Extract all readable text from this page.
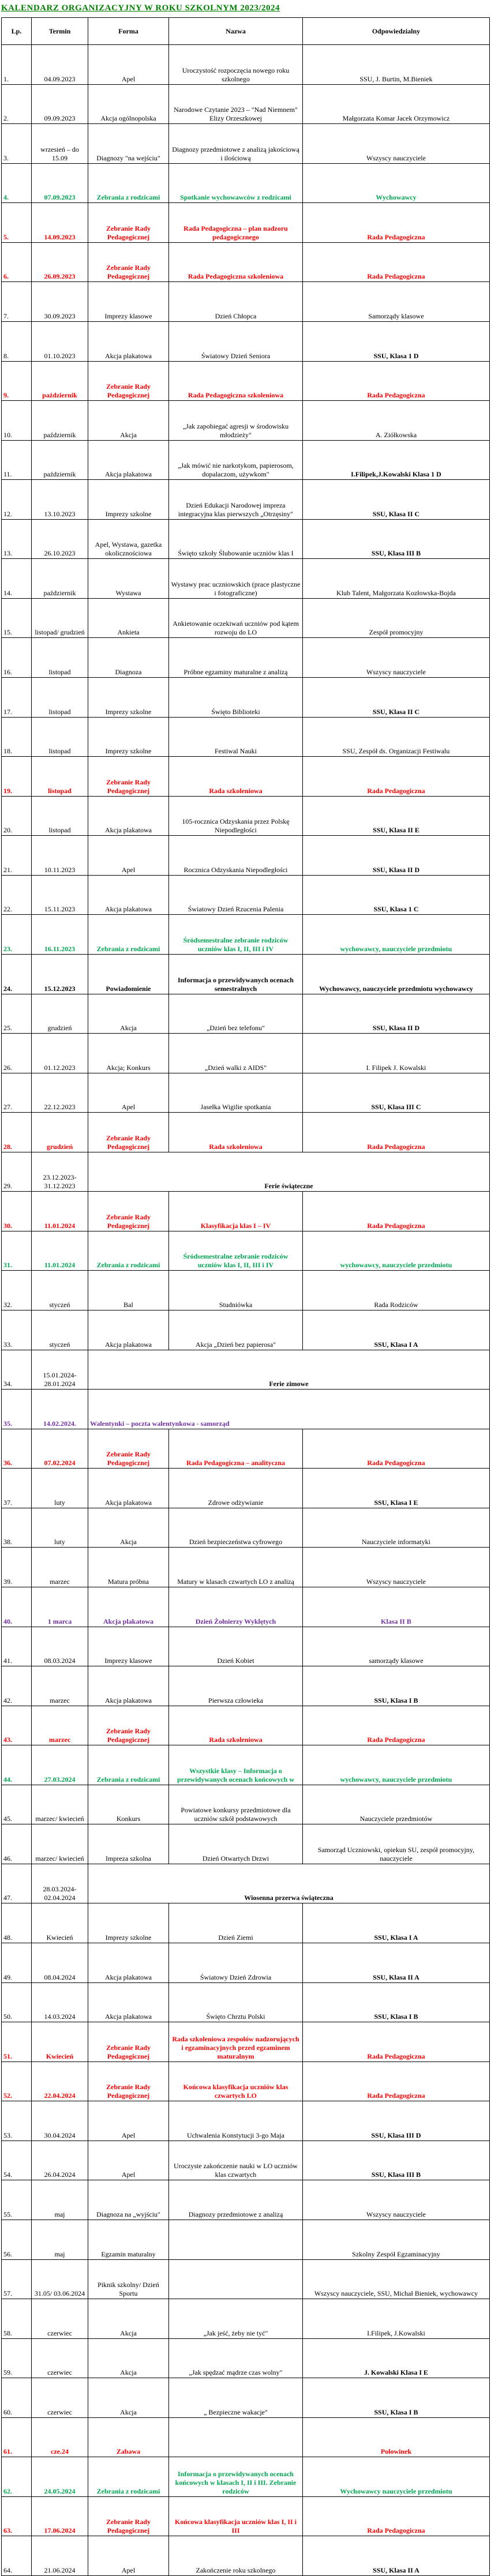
KALENDARZ ORGANIZACYJNY W ROKU SZKOLNYM 2023/2024
Lp.	Termin	Forma	Nazwa	Odpowiedzialny
1.	04.09.2023	Apel	Uroczystość rozpoczęcia nowego roku szkolnego	SSU, J. Burtin, M.Bieniek
2.	09.09.2023	Akcja ogólnopolska	Narodowe Czytanie 2023 – "Nad Niemnem" Elizy Orzeszkowej	Małgorzata Komar Jacek Orzymowicz
3.	wrzesień – do 15.09	Diagnozy "na wejściu"	Diagnozy przedmiotowe z analizą jakościową i ilościową	Wszyscy nauczyciele
4.	07.09.2023	Zebrania z rodzicami	Spotkanie wychowawców z rodzicami	Wychowawcy
5.	14.09.2023	Zebranie Rady Pedagogicznej	Rada Pedagogiczna – plan nadzoru pedagogicznego	Rada Pedagogiczna
6.	26.09.2023	Zebranie Rady Pedagogicznej	Rada Pedagogiczna szkoleniowa	Rada Pedagogiczna
7.	30.09.2023	Imprezy klasowe	Dzień Chłopca	Samorządy klasowe
8.	01.10.2023	Akcja plakatowa	Światowy Dzień Seniora	SSU, Klasa 1 D
9.	październik	Zebranie Rady Pedagogicznej	Rada Pedagogiczna szkoleniowa	Rada Pedagogiczna
10.	październik	Akcja	„Jak zapobiegać agresji w środowisku młodzieży"	A. Ziółkowska
11.	październik	Akcja plakatowa	„Jak mówić nie narkotykom, papierosom, dopalaczom, używkom"	I.Filipek,J.Kowalski Klasa 1 D
12.	13.10.2023	Imprezy szkolne	Dzień Edukacji Narodowej impreza integracyjna klas pierwszych „Otrzęsiny"	SSU, Klasa II C
13.	26.10.2023	Apel, Wystawa, gazetka okolicznościowa	Święto szkoły Ślubowanie uczniów klas I	SSU, Klasa III B
14.	październik	Wystawa	Wystawy prac uczniowskich (prace plastyczne i fotograficzne)	Klub Talent, Małgorzata Kozłowska-Bojda
15.	listopad/ grudzień	Ankieta	Ankietowanie oczekiwań uczniów pod kątem rozwoju do LO	Zespół promocyjny
16.	listopad	Diagnoza	Próbne egzaminy maturalne z analizą	Wszyscy nauczyciele
17.	listopad	Imprezy szkolne	Święto Biblioteki	SSU, Klasa II C
18.	listopad	Imprezy szkolne	Festiwal Nauki	SSU, Zespół ds. Organizacji Festiwalu
19.	listopad	Zebranie Rady Pedagogicznej	Rada szkoleniowa	Rada Pedagogiczna
20.	listopad	Akcja plakatowa	105-rocznica Odzyskania przez Polskę Niepodległości	SSU, Klasa II E
21.	10.11.2023	Apel	Rocznica Odzyskania Niepodległości	SSU, Klasa II D
22.	15.11.2023	Akcja plakatowa	Światowy Dzień Rzucenia Palenia	SSU, Klasa 1 C
23.	16.11.2023	Zebrania z rodzicami	Śródsemestralne zebranie rodziców uczniów klas I, II, III i IV	wychowawcy, nauczyciele przedmiotu
24.	15.12.2023	Powiadomienie	Informacja o przewidywanych ocenach semestralnych	Wychowawcy, nauczyciele przedmiotu wychowawcy
25.	grudzień	Akcja	„Dzień bez telefonu"	SSU, Klasa II D
26.	01.12.2023	Akcja; Konkurs	„Dzień walki z AIDS"	I. Filipek J. Kowalski
27.	22.12.2023	Apel	Jasełka Wigilie spotkania	SSU, Klasa III C
28.	grudzień	Zebranie Rady Pedagogicznej	Rada szkoleniowa	Rada Pedagogiczna
29.	23.12.2023-31.12.2023	Ferie świąteczne		
30.	11.01.2024	Zebranie Rady Pedagogicznej	Klasyfikacja klas I – IV	Rada Pedagogiczna
31.	11.01.2024	Zebrania z rodzicami	Śródsemestralne zebranie rodziców uczniów klas I, II, III i IV	wychowawcy, nauczyciele przedmiotu
32.	styczeń	Bal	Studniówka	Rada Rodziców
33.	styczeń	Akcja plakatowa	Akcja „Dzień bez papierosa"	SSU, Klasa I A
34.	15.01.2024-28.01.2024	Ferie zimowe		
35.	14.02.2024.	Walentynki – poczta walentynkowa - samorząd		
36.	07.02.2024	Zebranie Rady Pedagogicznej	Rada Pedagogiczna – analityczna	Rada Pedagogiczna
37.	luty	Akcja plakatowa	Zdrowe odżywianie	SSU, Klasa I E
38.	luty	Akcja	Dzień bezpieczeństwa cyfrowego	Nauczyciele informatyki
39.	marzec	Matura próbna	Matury w klasach czwartych LO z analizą	Wszyscy nauczyciele
40.	1 marca	Akcja plakatowa	Dzień Żołnierzy Wyklętych	Klasa II B
41.	08.03.2024	Imprezy klasowe	Dzień Kobiet	samorządy klasowe
42.	marzec	Akcja plakatowa	Pierwsza człowieka	SSU, Klasa I B
43.	marzec	Zebranie Rady Pedagogicznej	Rada szkoleniowa	Rada Pedagogiczna
44.	27.03.2024	Zebrania z rodzicami	Wszystkie klasy – Informacja o przewidywanych ocenach końcowych w	wychowawcy, nauczyciele przedmiotu
45.	marzec/ kwiecień	Konkurs	Powiatowe konkursy przedmiotowe dla uczniów szkół podstawowych	Nauczyciele przedmiotów
46.	marzec/ kwiecień	Impreza szkolna	Dzień Otwartych Drzwi	Samorząd Uczniowski, opiekun SU, zespół promocyjny, nauczyciele
47.	28.03.2024-02.04.2024	Wiosenna przerwa świąteczna		
48.	Kwiecień	Imprezy szkolne	Dzień Ziemi	SSU, Klasa I A
49.	08.04.2024	Akcja plakatowa	Światowy Dzień Zdrowia	SSU, Klasa II A
50.	14.03.2024	Akcja plakatowa	Święto Chrztu Polski	SSU, Klasa I B
51.	Kwiecień	Zebranie Rady Pedagogicznej	Rada szkoleniowa zespołów nadzorujących i egzaminacyjnych przed egzaminem maturalnym	Rada Pedagogiczna
52.	22.04.2024	Zebranie Rady Pedagogicznej	Końcowa klasyfikacja uczniów klas czwartych LO	Rada Pedagogiczna
53.	30.04.2024	Apel	Uchwalenia Konstytucji 3-go Maja	SSU, Klasa III D
54.	26.04.2024	Apel	Uroczyste zakończenie nauki w LO uczniów klas czwartych	SSU, Klasa III B
55.	maj	Diagnoza na „wyjściu"	Diagnozy przedmiotowe z analizą	Wszyscy nauczyciele
56.	maj	Egzamin maturalny		Szkolny Zespół Egzaminacyjny
57.	31.05/ 03.06.2024	Piknik szkolny/ Dzień Sportu		Wszyscy nauczyciele, SSU, Michał Bieniek, wychowawcy
58.	czerwiec	Akcja	„Jak jeść, żeby nie tyć"	I.Filipek, J.Kowalski
59.	czerwiec	Akcja	„Jak spędzać mądrze czas wolny"	J. Kowalski Klasa I E
60.	czerwiec	Akcja	„ Bezpieczne wakacje"	SSU, Klasa I B
61.	cze.24	Zabawa		Połowinek
62.	24.05.2024	Zebrania z rodzicami	Informacja o przewidywanych ocenach końcowych w klasach I, II i III. Zebranie rodziców	Wychowawcy nauczyciele przedmiotu
63.	17.06.2024	Zebranie Rady Pedagogicznej	Końcowa klasyfikacja uczniów klas I, II i III	Rada Pedagogiczna
64.	21.06.2024	Apel	Zakończenie roku szkolnego	SSU, Klasa II A
